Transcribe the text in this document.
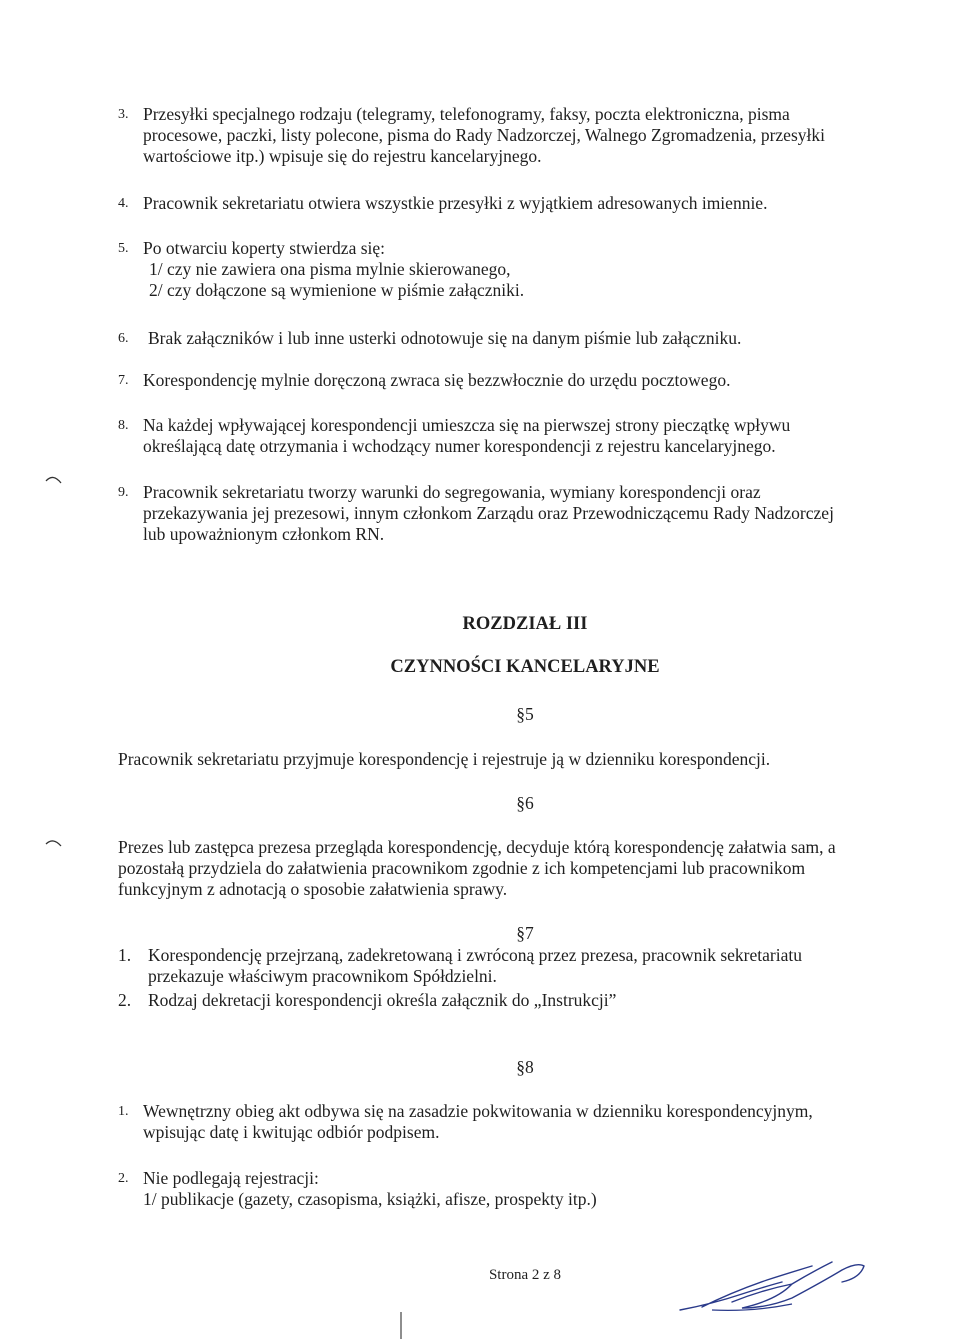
3. Przesyłki specjalnego rodzaju (telegramy, telefonogramy, faksy, poczta elektroniczna, pisma
procesowe, paczki, listy polecone, pisma do Rady Nadzorczej, Walnego Zgromadzenia, przesyłki
wartościowe itp.) wpisuje się do rejestru kancelaryjnego.
4. Pracownik sekretariatu otwiera wszystkie przesyłki z wyjątkiem adresowanych imiennie.
5. Po otwarciu koperty stwierdza się:
1/ czy nie zawiera ona pisma mylnie skierowanego,
2/ czy dołączone są wymienione w piśmie załączniki.
6. Brak załączników i lub inne usterki odnotowuje się na danym piśmie lub załączniku.
7. Korespondencję mylnie doręczoną zwraca się bezzwłocznie do urzędu pocztowego.
8. Na każdej wpływającej korespondencji umieszcza się na pierwszej strony pieczątkę wpływu
określającą datę otrzymania i wchodzący numer korespondencji z rejestru kancelaryjnego.
9. Pracownik sekretariatu tworzy warunki do segregowania, wymiany korespondencji oraz
przekazywania jej prezesowi, innym członkom Zarządu oraz Przewodniczącemu Rady Nadzorczej
lub upoważnionym członkom RN.
ROZDZIAŁ III
CZYNNOŚCI KANCELARYJNE
§5
Pracownik sekretariatu przyjmuje korespondencję i rejestruje ją w dzienniku korespondencji.
§6
Prezes lub zastępca prezesa przegląda korespondencję, decyduje którą korespondencję załatwia sam, a
pozostałą przydziela do załatwienia pracownikom zgodnie z ich kompetencjami lub pracownikom
funkcyjnym z adnotacją o sposobie załatwienia sprawy.
§7
1. Korespondencję przejrzaną, zadekretowaną i zwróconą przez prezesa, pracownik sekretariatu
przekazuje właściwym pracownikom Spółdzielni.
2. Rodzaj dekretacji korespondencji określa załącznik do „Instrukcji”
§8
1. Wewnętrzny obieg akt odbywa się na zasadzie pokwitowania w dzienniku korespondencyjnym,
wpisując datę i kwitując odbiór podpisem.
2. Nie podlegają rejestracji:
1/ publikacje (gazety, czasopisma, książki, afisze, prospekty itp.)
Strona 2 z 8
